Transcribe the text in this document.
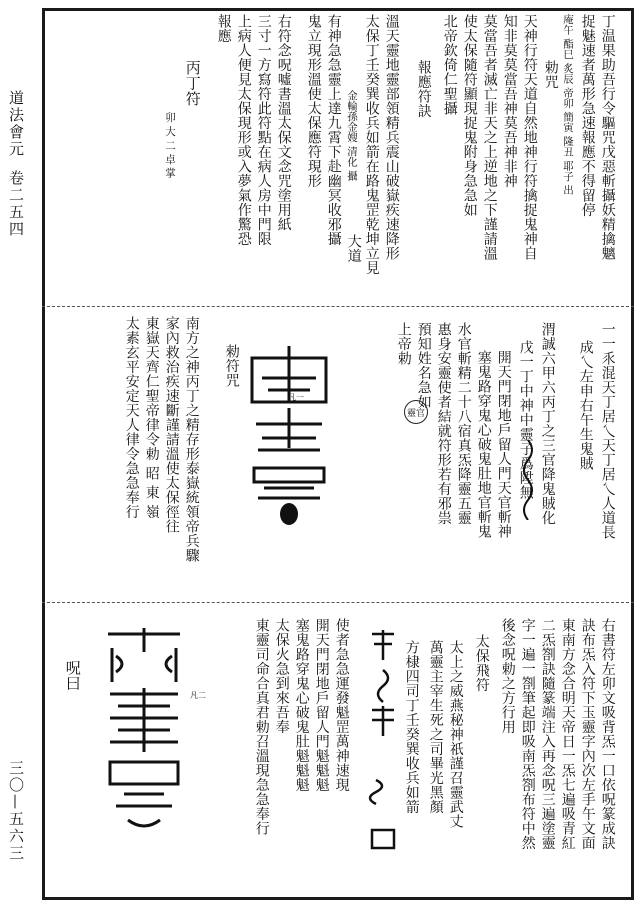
道法會元
卷二五四
三〇—五六三
丁温果助吾行令驅咒戊惡斬攝妖精擒魑
捉魅速者萬形急速報應不得留停
庵午 酯巳 炙辰 帝卯 簡寅 隆丑 耶子 出
勅咒
天神行符天道自然地神行符擒捉鬼神自
知非莫莫當吾神莫吾神非神
莫當吾者滅亡非天之上逆地之下謹請溫
使太保隨符顯現捉鬼附身急急如
北帝欽倚仁聖攝
報應符訣
溫天靈地靈部領精兵震山破嶽疾速降形
太保丁壬癸巽收兵如箭在路鬼罡乾坤立見
金輪孫金嫂 清化 攝
大道
有神急急靈上達九霄下赴幽冥收邪攝
鬼立現形溫使太保應符現形
右符念呪噓書溫太保文念咒塗用紙
三寸一方寫符此符點在病人房中門限
上病人便見太保現形或入夢氣作驚恐
報應
丙丁符
卯 大 二 卓 掌
一一乑混天丁居乀天丁居乀人道長
成乀左申右午生鬼賊
渭誠六甲六丙丁之三官降鬼賊化
戊一丁中神中靈子爲陞無
開天門閉地戶留人門天官斬神
塞鬼路穿鬼心破鬼肚地官斬鬼
水官斬精二十八宿真炁降靈五靈
惠身安靈使者結就符形若有邪祟
預知姓名急如
上帝勅
勑符咒
南方之神丙丁之精存形泰嶽統領帝兵驟
家內救治疾速斷謹請溫使太保徑往
東嶽天齊仁聖帝律令勅 昭 東 嶺
太素玄平安定天人律令急急奉行	靈官
凡一
右書符左卯文吸背炁一口依呪篆成訣
訣布炁入符下玉靈字內次左手午文面
東南方念合明天帝日一炁七遍吸青紅
二炁劄訣隨篆端注入再念呪三遍塗靈
字一遍一劄筆起即吸南炁劄布符中然
後念呪勅之方行用
太保飛符
太上之威燕秘神祇謹召靈武丈
萬靈主宰生死之司畢光黑顏
方棣四司丁壬癸巽收兵如箭
使者急急運發魁罡萬神速現
開天門閉地戶留人門魁魁魁
塞鬼路穿鬼心破鬼肚魁魁魁
太保火急到來吾奉
東靈司命合真君勅召溫現急急奉行
呪曰
凡二
